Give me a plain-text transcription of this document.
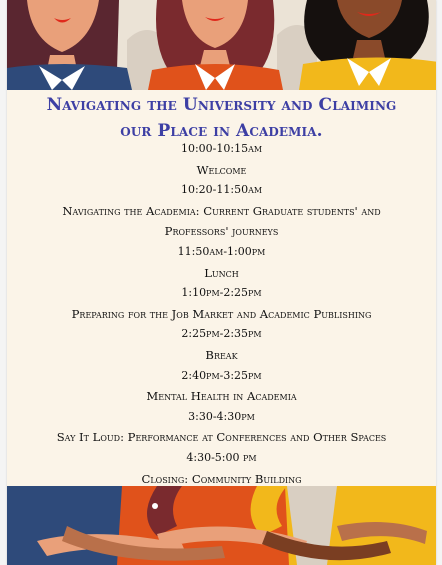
Navigating the University and Claiming
our Place in Academia.
10:00-10:15am
Welcome
10:20-11:50am
Navigating the Academia: Current Graduate students' and
Professors' journeys
11:50am-1:00pm
Lunch
1:10pm-2:25pm
Preparing for the Job Market and Academic Publishing
2:25pm-2:35pm
Break
2:40pm-3:25pm
Mental Health in Academia
3:30-4:30pm
Say It Loud: Performance at Conferences and Other Spaces
4:30-5:00 pm
Closing: Community Building
